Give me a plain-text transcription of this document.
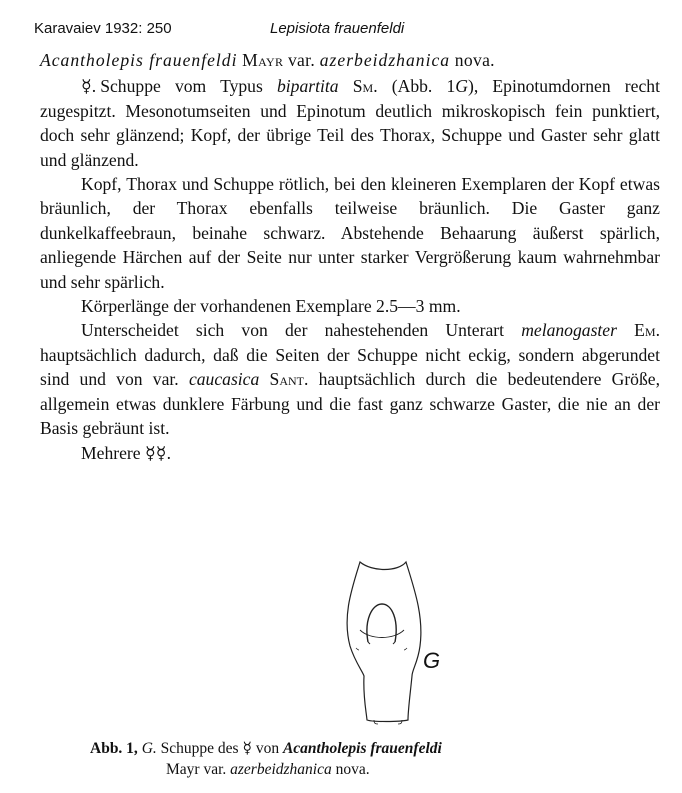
Karavaiev 1932: 250	Lepisiota frauenfeldi
Acantholepis frauenfeldi Mayr var. azerbeidzhanica nova.

☿. Schuppe vom Typus bipartita Sm. (Abb. 1G), Epinotumdornen recht zugespitzt. Mesonotumseiten und Epinotum deutlich mikroskopisch fein punktiert, doch sehr glänzend; Kopf, der übrige Teil des Thorax, Schuppe und Gaster sehr glatt und glänzend.

Kopf, Thorax und Schuppe rötlich, bei den kleineren Exemplaren der Kopf etwas bräunlich, der Thorax ebenfalls teilweise bräunlich. Die Gaster ganz dunkelkaffeebraun, beinahe schwarz. Abstehende Behaarung äußerst spärlich, anliegende Härchen auf der Seite nur unter starker Vergrößerung kaum wahrnehmbar und sehr spärlich.

Körperlänge der vorhandenen Exemplare 2.5—3 mm.

Unterscheidet sich von der nahestehenden Unterart melanogaster Em. hauptsächlich dadurch, daß die Seiten der Schuppe nicht eckig, sondern abgerundet sind und von var. caucasica Sant. hauptsächlich durch die bedeutendere Größe, allgemein etwas dunklere Färbung und die fast ganz schwarze Gaster, die nie an der Basis gebräunt ist.

Mehrere ☿☿.

G
Abb. 1, G. Schuppe des ☿ von Acantholepis frauenfeldi
Mayr var. azerbeidzhanica nova.
